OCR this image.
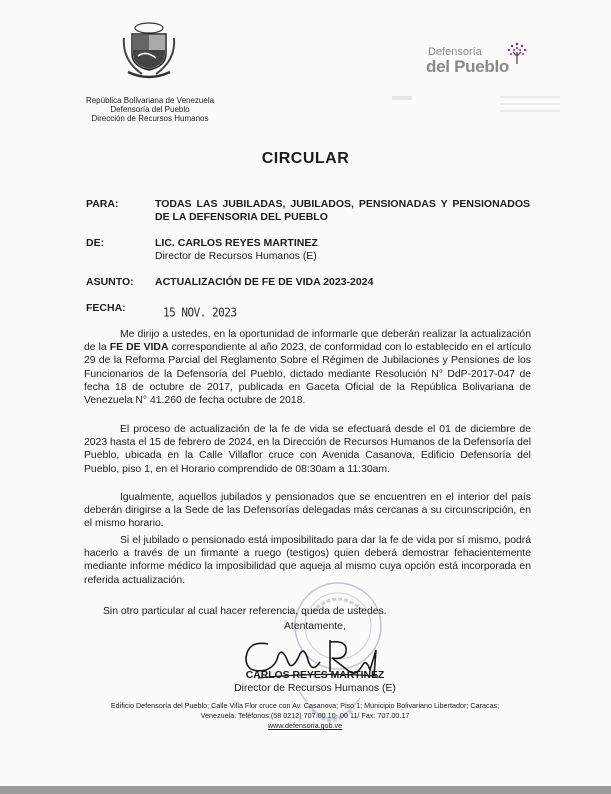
República Bolivariana de Venezuela
Defensoría del Pueblo
Dirección de Recursos Humanos
Defensoría
del Pueblo
CIRCULAR
PARA:	TODAS LAS JUBILADAS, JUBILADOS, PENSIONADAS Y PENSIONADOS DE LA DEFENSORIA DEL PUEBLO
DE:	LIC. CARLOS REYES MARTINEZ
Director de Recursos Humanos (E)
ASUNTO: ACTUALIZACIÓN DE FE DE VIDA 2023-2024
FECHA:	15 NOV. 2023
Me dirijo a ustedes, en la oportunidad de informarle que deberán realizar la actualización de la FE DE VIDA correspondiente al año 2023, de conformidad con lo establecido en el artículo 29 de la Reforma Parcial del Reglamento Sobre el Régimen de Jubilaciones y Pensiones de los Funcionarios de la Defensoría del Pueblo, dictado mediante Resolución N° DdP-2017-047 de fecha 18 de octubre de 2017, publicada en Gaceta Oficial de la República Bolivariana de Venezuela N° 41.260 de fecha octubre de 2018.
El proceso de actualización de la fe de vida se efectuará desde el 01 de diciembre de 2023 hasta el 15 de febrero de 2024, en la Dirección de Recursos Humanos de la Defensoría del Pueblo, ubicada en la Calle Villaflor cruce con Avenida Casanova, Edificio Defensoría del Pueblo, piso 1, en el Horario comprendido de 08:30am a 11:30am.
Igualmente, aquellos jubilados y pensionados que se encuentren en el interior del país deberán dirigirse a la Sede de las Defensorías delegadas más cercanas a su circunscripción, en el mismo horario.
Si el jubilado o pensionado está imposibilitado para dar la fe de vida por sí mismo, podrá hacerlo a través de un firmante a ruego (testigos) quien deberá demostrar fehacientemente mediante informe médico la imposibilidad que aqueja al mismo cuya opción está incorporada en referida actualización.
Sin otro particular al cual hacer referencia, queda de ustedes.
Atentamente,
CARLOS REYES MARTINEZ
Director de Recursos Humanos (E)
Edificio Defensoría del Pueblo; Calle Villa Flor cruce con Av. Casanova; Piso 1; Municipio Bolivariano Libertador; Caracas;
Venezuela. Teléfonos:(58 0212) 707.00 10- 00 11/ Fax: 707.00.17
www.defensoria.gob.ve
